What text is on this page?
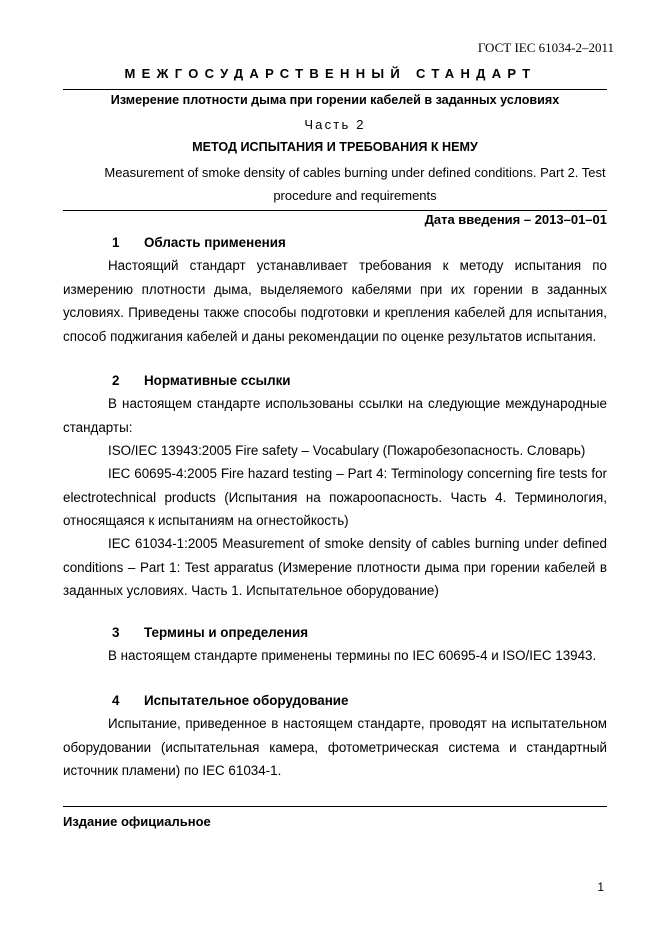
ГОСТ IEC 61034-2–2011
МЕЖГОСУДАРСТВЕННЫЙ СТАНДАРТ
Измерение плотности дыма при горении кабелей в заданных условиях
Часть 2
МЕТОД ИСПЫТАНИЯ И ТРЕБОВАНИЯ К НЕМУ
Measurement of smoke density of cables burning under defined conditions. Part 2. Test
procedure and requirements
Дата введения – 2013–01–01
1 Область применения
Настоящий стандарт устанавливает требования к методу испытания по
измерению плотности дыма, выделяемого кабелями при их горении в заданных
условиях. Приведены также способы подготовки и крепления кабелей для испытания,
способ поджигания кабелей и даны рекомендации по оценке результатов испытания.
2 Нормативные ссылки
В настоящем стандарте использованы ссылки на следующие международные
стандарты:
ISO/IEC 13943:2005 Fire safety – Vocabulary (Пожаробезопасность. Словарь)
IEC 60695-4:2005 Fire hazard testing – Part 4: Terminology concerning fire tests for
electrotechnical products (Испытания на пожароопасность. Часть 4. Терминология,
относящаяся к испытаниям на огнестойкость)
IEC 61034-1:2005 Measurement of smoke density of cables burning under defined
conditions – Part 1: Test apparatus (Измерение плотности дыма при горении кабелей в
заданных условиях. Часть 1. Испытательное оборудование)
3 Термины и определения
В настоящем стандарте применены термины по IEC 60695-4 и ISO/IEC 13943.
4 Испытательное оборудование
Испытание, приведенное в настоящем стандарте, проводят на испытательном
оборудовании (испытательная камера, фотометрическая система и стандартный
источник пламени) по IEC 61034-1.
Издание официальное
1
